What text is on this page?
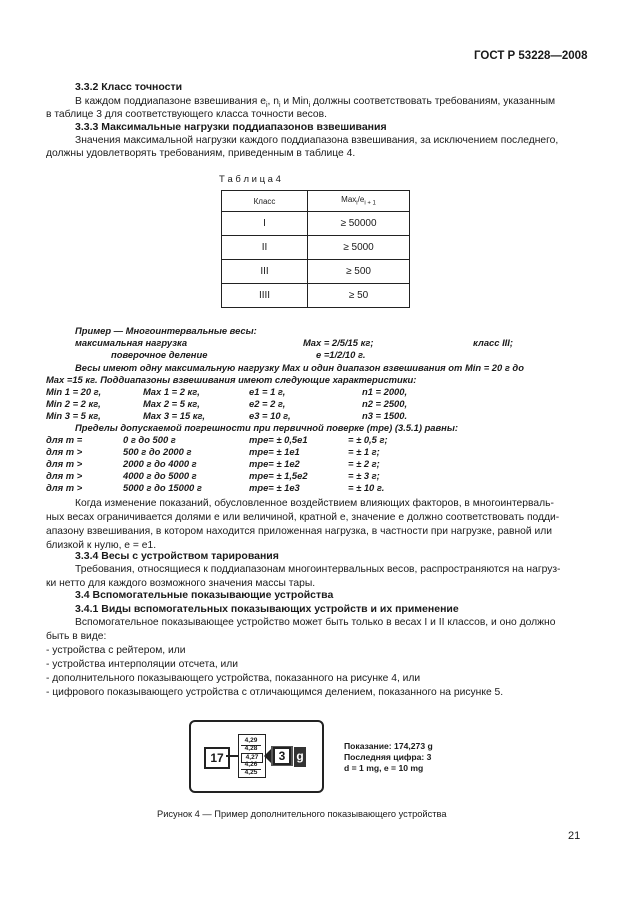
ГОСТ Р 53228—2008
3.3.2 Класс точности
В каждом поддиапазоне взвешивания $e_i$, $n_i$ и Min$_i$ должны соответствовать требованиям, указанным
в таблице 3 для соответствующего класса точности весов.
3.3.3 Максимальные нагрузки поддиапазонов взвешивания
Значения максимальной нагрузки каждого поддиапазона взвешивания, за исключением последнего,
должны удовлетворять требованиям, приведенным в таблице 4.
Т а б л и ц а 4
Класс	$Max_i/e_{i + 1}$
I	≥ 50000
II	≥ 5000
III	≥ 500
IIII	≥ 50
Пример — Многоинтервальные весы:
максимальная нагрузка	Max = 2/5/15 кг;	класс III;
поверочное деление	e =1/2/10 г.
Весы имеют одну максимальную нагрузку Max и один диапазон взвешивания от Min = 20 г до
Max =15 кг. Поддиапазоны взвешивания имеют следующие характеристики:
Min 1 = 20 г,	Max 1 = 2 кг,	e1 = 1 г,	n1 = 2000,
Min 2 = 2 кг,	Max 2 = 5 кг,	e2 = 2 г,	n2 = 2500,
Min 3 = 5 кг,	Max 3 = 15 кг,	e3 = 10 г,	n3 = 1500.
Пределы допускаемой погрешности при первичной поверке (mpe) (3.5.1) равны:
для m =	0 г до 500 г	mpe= ± 0,5e1	= ± 0,5 г;
для m >	500 г до 2000 г	mpe= ± 1e1	= ± 1 г;
для m >	2000 г до 4000 г	mpe= ± 1e2	= ± 2 г;
для m >	4000 г до 5000 г	mpe= ± 1,5e2	= ± 3 г;
для m >	5000 г до 15000 г	mpe= ± 1e3	= ± 10 г.
Когда изменение показаний, обусловленное воздействием влияющих факторов, в многоинтерваль-
ных весах ограничивается долями e или величиной, кратной e, значение e должно соответствовать подди-
апазону взвешивания, в котором находится приложенная нагрузка, в частности при нагрузке, равной или
близкой к нулю, e = e1.
3.3.4 Весы с устройством тарирования
Требования, относящиеся к поддиапазонам многоинтервальных весов, распространяются на нагруз-
ки нетто для каждого возможного значения массы тары.
3.4 Вспомогательные показывающие устройства
3.4.1 Виды вспомогательных показывающих устройств и их применение
Вспомогательное показывающее устройство может быть только в весах I и II классов, и оно должно
быть в виде:
- устройства с рейтером, или
- устройства интерполяции отсчета, или
- дополнительного показывающего устройства, показанного на рисунке 4, или
- цифрового показывающего устройства с отличающимся делением, показанного на рисунке 5.
17
4,29
4,28
4,27
4,26
4,25
3 g
Показание: 174,273 g
Последняя цифра: 3
d = 1 mg, e = 10 mg
Рисунок 4 — Пример дополнительного показывающего устройства
21
